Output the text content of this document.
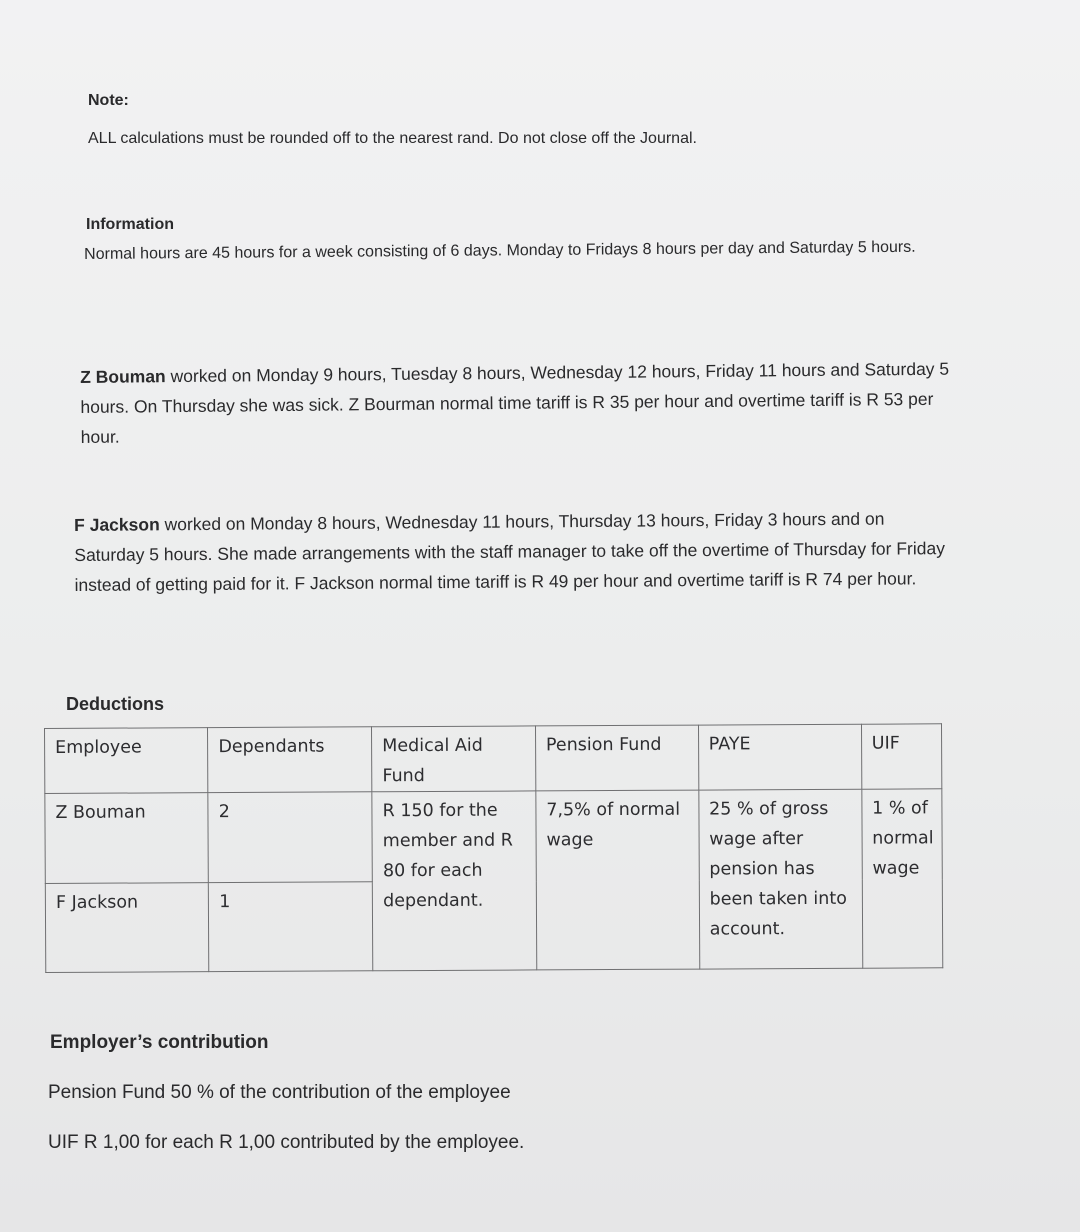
Note:
ALL calculations must be rounded off to the nearest rand. Do not close off the Journal.
Information
Normal hours are 45 hours for a week consisting of 6 days. Monday to Fridays 8 hours per day and Saturday 5 hours.
Z Bouman worked on Monday 9 hours, Tuesday 8 hours, Wednesday 12 hours, Friday 11 hours and Saturday 5 hours. On Thursday she was sick. Z Bourman normal time tariff is R 35 per hour and overtime tariff is R 53 per hour.
F Jackson worked on Monday 8 hours, Wednesday 11 hours, Thursday 13 hours, Friday 3 hours and on Saturday 5 hours. She made arrangements with the staff manager to take off the overtime of Thursday for Friday instead of getting paid for it. F Jackson normal time tariff is R 49 per hour and overtime tariff is R 74 per hour.
Deductions
Employee	Dependants	Medical Aid Fund	Pension Fund	PAYE	UIF
Z Bouman	2	R 150 for the member and R 80 for each dependant.	7,5% of normal wage	25 % of gross wage after pension has been taken into account.	1 % of normal wage
F Jackson	1				
Employer’s contribution
Pension Fund 50 % of the contribution of the employee
UIF R 1,00 for each R 1,00 contributed by the employee.
